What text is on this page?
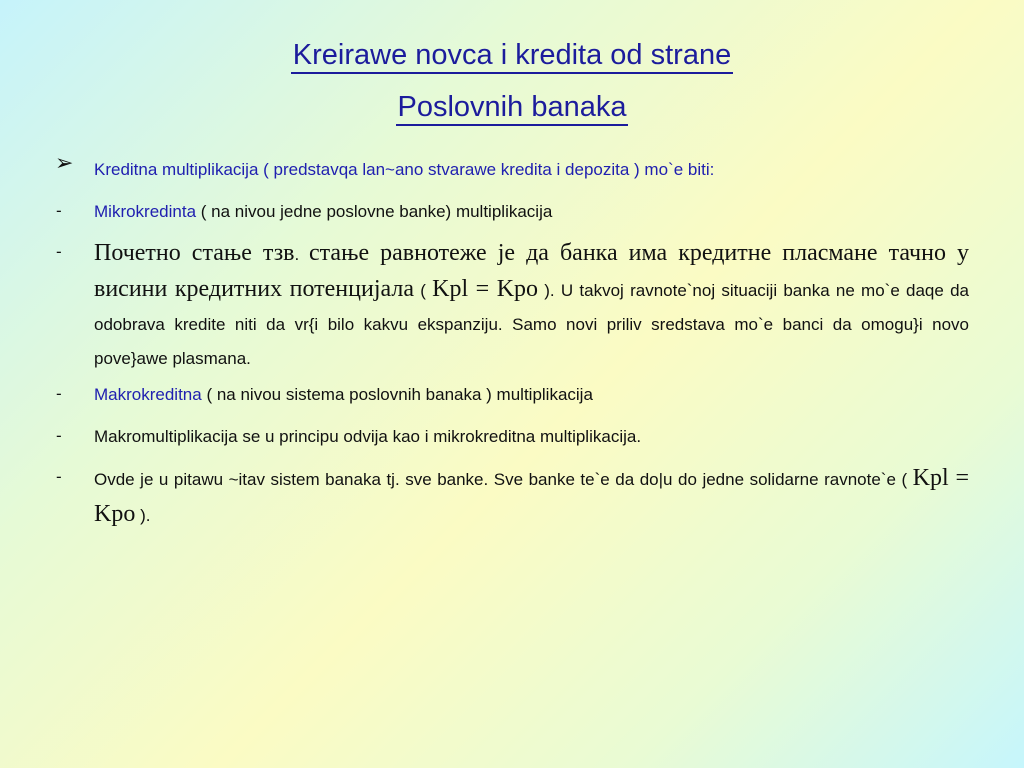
Kreirawe novca i kredita od strane
Poslovnih banaka
➢ Kreditna multiplikacija ( predstavqa lan~ano stvarawe kredita i depozita ) mo`e biti:
- Mikrokredinta ( na nivou jedne poslovne banke) multiplikacija
- Почетно стање тзв. стање равнотеже је да банка има кредитне пласмане тачно у висини кредитних потенцијала ( Kpl = Kpo ). U takvoj ravnote`noj situaciji banka ne mo`e daqe da odobrava kredite niti da vr{i bilo kakvu ekspanziju. Samo novi priliv sredstava mo`e banci da omogu}i novo pove}awe plasmana.
- Makrokreditna ( na nivou sistema poslovnih banaka ) multiplikacija
- Makromultiplikacija se u principu odvija kao i mikrokreditna multiplikacija.
- Ovde je u pitawu ~itav sistem banaka tj. sve banke. Sve banke te`e da do|u do jedne solidarne ravnote`e ( Kpl = Kpo ).
